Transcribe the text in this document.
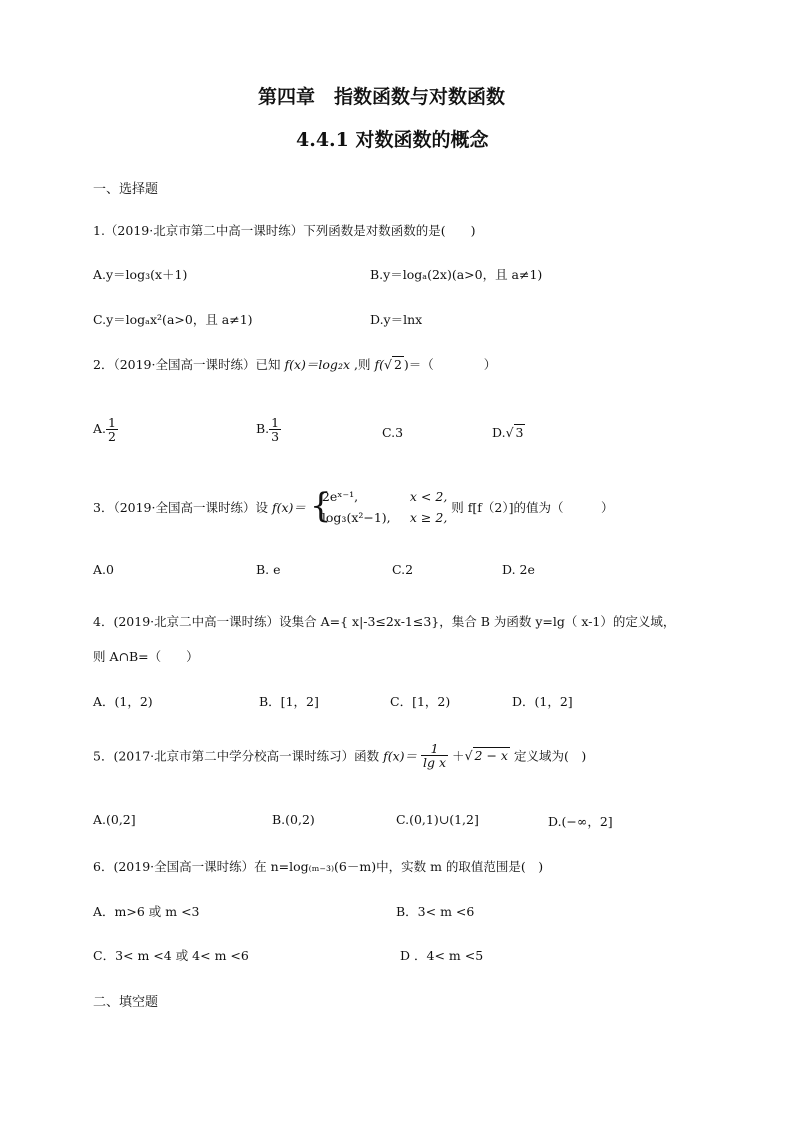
第四章　指数函数与对数函数
4.4.1 对数函数的概念
一、选择题
1.（2019·北京市第二中高一课时练）下列函数是对数函数的是(　　)
A.y＝log₃(x＋1)	B.y＝logₐ(2x)(a>0，且 a≠1)
C.y＝logₐx²(a>0，且 a≠1)	D.y＝lnx
2．（2019·全国高一课时练）已知 f(x)＝log₂x ,则 f(√ 2 )＝（　　　　）
A. $\frac{1}{2}$	B. $\frac{1}{3}$	C.3	D.√ 3
3．（2019·全国高一课时练）设 f(x)＝ {
2eˣ⁻¹,	x < 2,
log₃(x²−1), x ≥ 2,
则 f[f（2）]的值为（　　　）
A.0	B. e	C.2	D. 2e
4．(2019·北京二中高一课时练）设集合 A={ x|-3≤2x-1≤3}，集合 B 为函数 y=lg（ x-1）的定义域，
则 A∩B=（　　）
A．(1，2)	B．[1，2]	C．[1，2)	D．(1，2]
5．(2017·北京市第二中学分校高一课时练习）函数 $f(x)= \frac{1}{\text{lg x}}$ ＋√ 2 − x 定义域为(　)
A.(0,2]	B.(0,2)	C.(0,1)∪(1,2]	D.(−∞，2]
6．(2019·全国高一课时练）在 n=log₍ₘ₋₃₎(6－m)中，实数 m 的取值范围是(　)
A．m>6 或 m <3	B．3< m <6
C．3< m <4 或 4< m <6	D ．4< m <5
二、填空题
